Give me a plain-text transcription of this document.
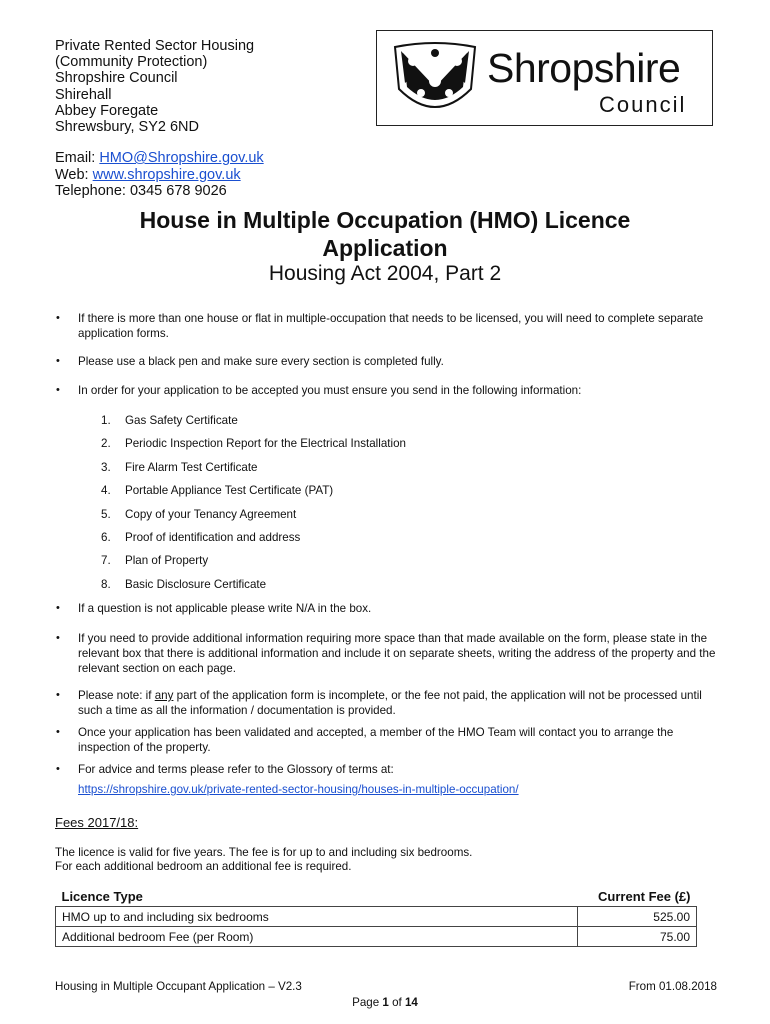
Private Rented Sector Housing
(Community Protection)
Shropshire Council
Shirehall
Abbey Foregate
Shrewsbury, SY2 6ND
Shropshire
Council
Email: HMO@Shropshire.gov.uk
Web: www.shropshire.gov.uk
Telephone: 0345 678 9026
House in Multiple Occupation (HMO) Licence
Application
Housing Act 2004, Part 2
• If there is more than one house or flat in multiple-occupation that needs to be licensed, you will need to complete separate application forms.
• Please use a black pen and make sure every section is completed fully.
• In order for your application to be accepted you must ensure you send in the following information:
1. Gas Safety Certificate
2. Periodic Inspection Report for the Electrical Installation
3. Fire Alarm Test Certificate
4. Portable Appliance Test Certificate (PAT)
5. Copy of your Tenancy Agreement
6. Proof of identification and address
7. Plan of Property
8. Basic Disclosure Certificate
• If a question is not applicable please write N/A in the box.
• If you need to provide additional information requiring more space than that made available on the form, please state in the relevant box that there is additional information and include it on separate sheets, writing the address of the property and the relevant section on each page.
• Please note: if any part of the application form is incomplete, or the fee not paid, the application will not be processed until such a time as all the information / documentation is provided.
• Once your application has been validated and accepted, a member of the HMO Team will contact you to arrange the inspection of the property.
• For advice and terms please refer to the Glossory of terms at:
https://shropshire.gov.uk/private-rented-sector-housing/houses-in-multiple-occupation/
Fees 2017/18:
The licence is valid for five years. The fee is for up to and including six bedrooms.
For each additional bedroom an additional fee is required.
Licence Type	Current Fee (£)
HMO up to and including six bedrooms	525.00
Additional bedroom Fee (per Room)	75.00
Housing in Multiple Occupant Application – V2.3	From 01.08.2018
Page 1 of 14
